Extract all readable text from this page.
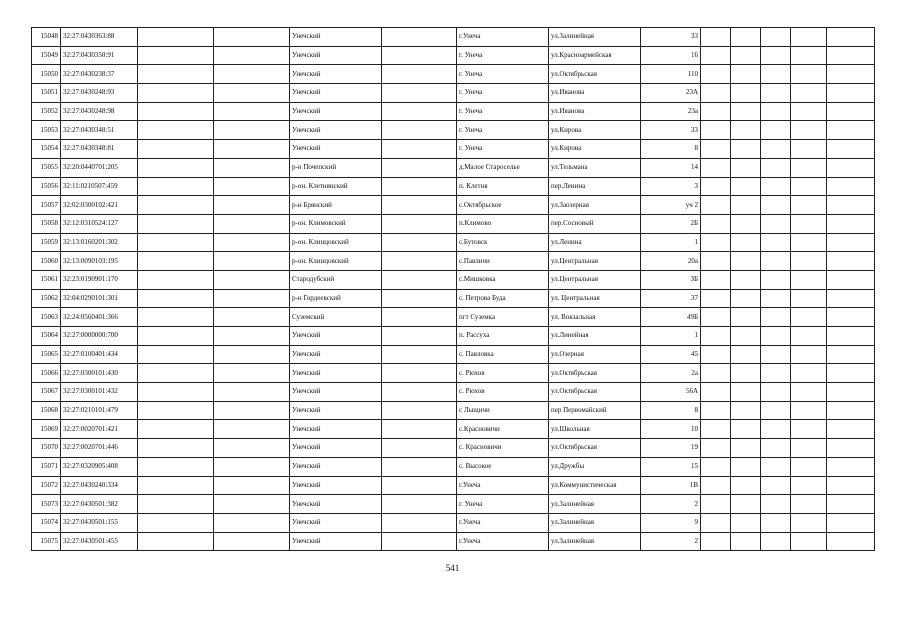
15048	32:27:0430363:88			Унечский		г.Унеча	ул.Залинейная	33					
15049	32:27:0430350:91			Унечский		г. Унеча	ул.Красноармейская	16					
15050	32:27:0430238:37			Унечский		г. Унеча	ул.Октябрьская	110					
15051	32:27:0430248:93			Унечский		г. Унеча	ул.Иванова	23А					
15052	32:27:0430248:98			Унечский		г. Унеча	ул.Иванова	23а					
15053	32:27:0430348:51			Унечский		г. Унеча	ул.Кирова	33					
15054	32:27:0430348:81			Унечский		г. Унеча	ул.Кирова	8					
15055	32:20:0440701:205			р-н Почепский		д.Малое Старосельe	ул.Тельмана	14					
15056	32:11:0210507:459			р-он. Клетнянский		п. Клетня	пер.Ленина	3					
15057	32:02:0300102:421			р-н Брянский		с.Октябрьское	ул.Заозерная	уч 2					
15058	32:12:0310524:127			р-он. Климовский		п.Климово	пер.Сосновый	2Б					
15059	32:13:0160201:302			р-он. Клинцовский		с.Бутовск	ул.Ленина	1					
15060	32:13:0090103:195			р-он. Клинцовский		с.Павличи	ул.Центральная	20а					
15061	32:23:0190901:170			Стародубский		с.Мишковка	ул.Центральная	3Б					
15062	32:04:0290101:301			р-н Гордеевский		с. Петрова Буда	ул. Центральная	37					
15063	32:24:0560401:366			Суземский		пгт Суземка	ул. Вокзальная	49Б					
15064	32:27:0000000:700			Унечский		п. Рассуха	ул.Линейная	1					
15065	32:27:0100401:434			Унечский		с. Павловка	ул.Озерная	45					
15066	32:27:0300101:430			Унечский		с. Рюхов	ул.Октябрьская	2а					
15067	32:27:0300101:432			Унечский		с. Рюхов	ул.Октябрьская	56А					
15068	32:27:0210101:479			Унечский		с Лыщичи	пер Первомайский	8					
15069	32:27:0020701:421			Унечский		с.Красновичи	ул.Школьная	10					
15070	32:27:0020701:446			Унечский		с. Красновичи	ул.Октябрьская	19					
15071	32:27:0320905:408			Унечский		с. Высокое	ул.Дружбы	15					
15072	32:27:0430240:334			Унечский		г.Унеча	ул.Коммунистическая	1В					
15073	32:27:0430501:382			Унечский		г. Унеча	ул.Залинейная	2					
15074	32:27:0430501:155			Унечский		г.Унеча	ул.Залинейная	9					
15075	32:27:0430501:455			Унечский		г.Унеча	ул.Залинейная	2					
541
